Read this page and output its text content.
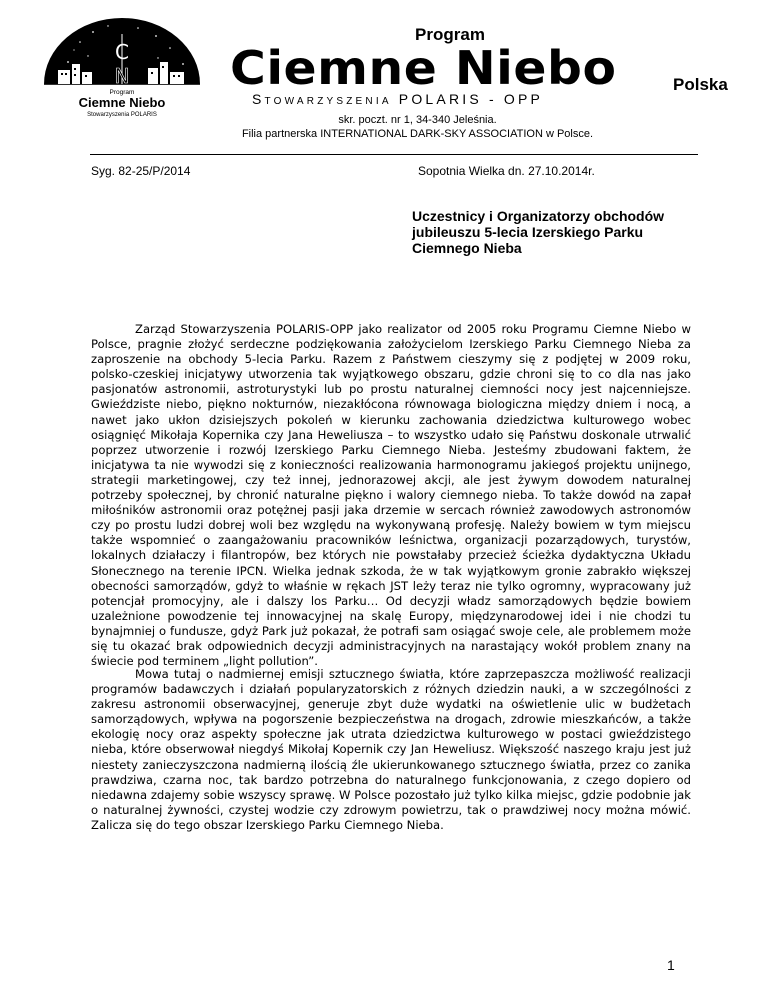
C
N
Program
Ciemne Niebo
Stowarzyszenia POLARIS
Program
Ciemne Niebo	Polska
Stowarzyszenia POLARIS - OPP
skr. poczt. nr 1, 34-340 Jeleśnia.
Filia partnerska INTERNATIONAL DARK-SKY ASSOCIATION w Polsce.
Syg. 82-25/P/2014	Sopotnia Wielka dn. 27.10.2014r.
Uczestnicy i Organizatorzy obchodów jubileuszu 5-lecia Izerskiego Parku Ciemnego Nieba
Zarząd Stowarzyszenia POLARIS-OPP jako realizator od 2005 roku Programu Ciemne Niebo w Polsce, pragnie złożyć serdeczne podziękowania założycielom Izerskiego Parku Ciemnego Nieba za zaproszenie na obchody 5-lecia Parku. Razem z Państwem cieszymy się z podjętej w 2009 roku, polsko-czeskiej inicjatywy utworzenia tak wyjątkowego obszaru, gdzie chroni się to co dla nas jako pasjonatów astronomii, astroturystyki lub po prostu naturalnej ciemności nocy jest najcenniejsze. Gwieździste niebo, piękno nokturnów, niezakłócona równowaga biologiczna między dniem i nocą, a nawet jako ukłon dzisiejszych pokoleń w kierunku zachowania dziedzictwa kulturowego wobec osiągnięć Mikołaja Kopernika czy Jana Heweliusza – to wszystko udało się Państwu doskonale utrwalić poprzez utworzenie i rozwój Izerskiego Parku Ciemnego Nieba. Jesteśmy zbudowani faktem, że inicjatywa ta nie wywodzi się z konieczności realizowania harmonogramu jakiegoś projektu unijnego, strategii marketingowej, czy też innej, jednorazowej akcji, ale jest żywym dowodem naturalnej potrzeby społecznej, by chronić naturalne piękno i walory ciemnego nieba. To także dowód na zapał miłośników astronomii oraz potężnej pasji jaka drzemie w sercach również zawodowych astronomów czy po prostu ludzi dobrej woli bez względu na wykonywaną profesję. Należy bowiem w tym miejscu także wspomnieć o zaangażowaniu pracowników leśnictwa, organizacji pozarządowych, turystów, lokalnych działaczy i filantropów, bez których nie powstałaby przecież ścieżka dydaktyczna Układu Słonecznego na terenie IPCN. Wielka jednak szkoda, że w tak wyjątkowym gronie zabrakło większej obecności samorządów, gdyż to właśnie w rękach JST leży teraz nie tylko ogromny, wypracowany już potencjał promocyjny, ale i dalszy los Parku… Od decyzji władz samorządowych będzie bowiem uzależnione powodzenie tej innowacyjnej na skalę Europy, międzynarodowej idei i nie chodzi tu bynajmniej o fundusze, gdyż Park już pokazał, że potrafi sam osiągać swoje cele, ale problemem może się tu okazać brak odpowiednich decyzji administracyjnych na narastający wokół problem znany na świecie pod terminem „light pollution”.
Mowa tutaj o nadmiernej emisji sztucznego światła, które zaprzepaszcza możliwość realizacji programów badawczych i działań popularyzatorskich z różnych dziedzin nauki, a w szczególności z zakresu astronomii obserwacyjnej, generuje zbyt duże wydatki na oświetlenie ulic w budżetach samorządowych, wpływa na pogorszenie bezpieczeństwa na drogach, zdrowie mieszkańców, a także ekologię nocy oraz aspekty społeczne jak utrata dziedzictwa kulturowego w postaci gwieździstego nieba, które obserwował niegdyś Mikołaj Kopernik czy Jan Heweliusz. Większość naszego kraju jest już niestety zanieczyszczona nadmierną ilością źle ukierunkowanego sztucznego światła, przez co zanika prawdziwa, czarna noc, tak bardzo potrzebna do naturalnego funkcjonowania, z czego dopiero od niedawna zdajemy sobie wszyscy sprawę. W Polsce pozostało już tylko kilka miejsc, gdzie podobnie jak o naturalnej żywności, czystej wodzie czy zdrowym powietrzu, tak o prawdziwej nocy można mówić. Zalicza się do tego obszar Izerskiego Parku Ciemnego Nieba.
1
